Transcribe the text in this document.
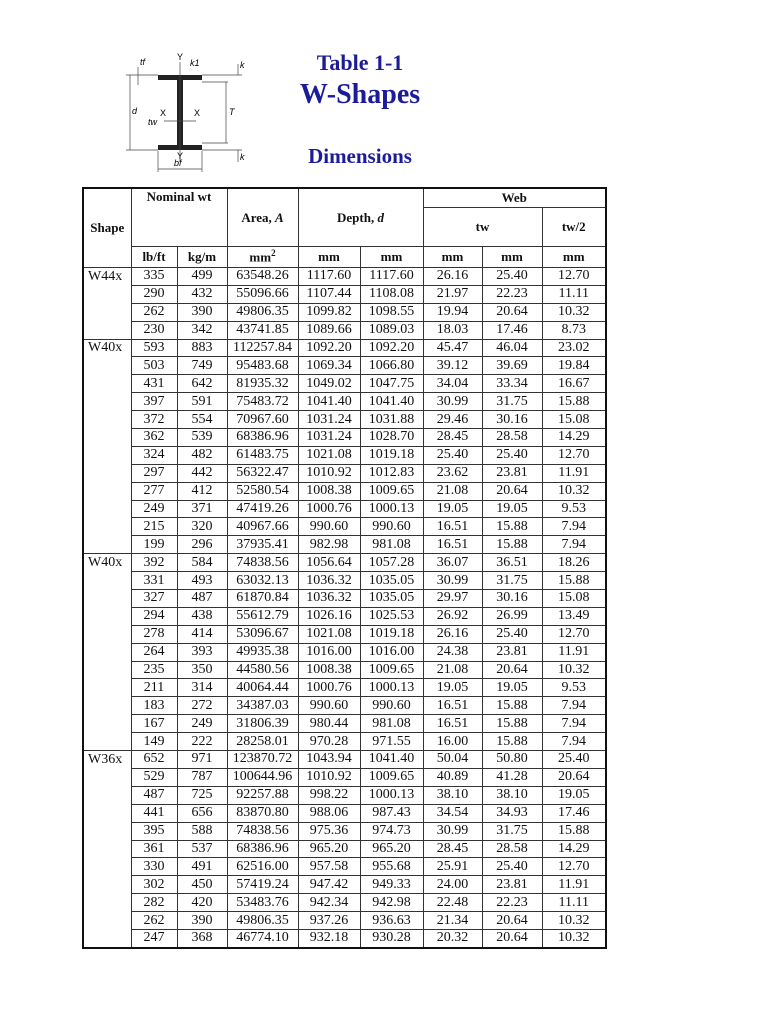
Table 1-1
W-Shapes
Dimensions
d	T
tf	k1	k
k
Y
Y
X	X
tw
bf
Shape	Nominal wt		Area, A	Depth, d		Web		
						tw		tw/2
	lb/ft	kg/m	$mm^2$	mm	mm	mm	mm	mm
W44x	335	499	63548.26	1117.60	1117.60	26.16	25.40	12.70
	290	432	55096.66	1107.44	1108.08	21.97	22.23	11.11
	262	390	49806.35	1099.82	1098.55	19.94	20.64	10.32
	230	342	43741.85	1089.66	1089.03	18.03	17.46	8.73
W40x	593	883	112257.84	1092.20	1092.20	45.47	46.04	23.02
	503	749	95483.68	1069.34	1066.80	39.12	39.69	19.84
	431	642	81935.32	1049.02	1047.75	34.04	33.34	16.67
	397	591	75483.72	1041.40	1041.40	30.99	31.75	15.88
	372	554	70967.60	1031.24	1031.88	29.46	30.16	15.08
	362	539	68386.96	1031.24	1028.70	28.45	28.58	14.29
	324	482	61483.75	1021.08	1019.18	25.40	25.40	12.70
	297	442	56322.47	1010.92	1012.83	23.62	23.81	11.91
	277	412	52580.54	1008.38	1009.65	21.08	20.64	10.32
	249	371	47419.26	1000.76	1000.13	19.05	19.05	9.53
	215	320	40967.66	990.60	990.60	16.51	15.88	7.94
	199	296	37935.41	982.98	981.08	16.51	15.88	7.94
W40x	392	584	74838.56	1056.64	1057.28	36.07	36.51	18.26
	331	493	63032.13	1036.32	1035.05	30.99	31.75	15.88
	327	487	61870.84	1036.32	1035.05	29.97	30.16	15.08
	294	438	55612.79	1026.16	1025.53	26.92	26.99	13.49
	278	414	53096.67	1021.08	1019.18	26.16	25.40	12.70
	264	393	49935.38	1016.00	1016.00	24.38	23.81	11.91
	235	350	44580.56	1008.38	1009.65	21.08	20.64	10.32
	211	314	40064.44	1000.76	1000.13	19.05	19.05	9.53
	183	272	34387.03	990.60	990.60	16.51	15.88	7.94
	167	249	31806.39	980.44	981.08	16.51	15.88	7.94
	149	222	28258.01	970.28	971.55	16.00	15.88	7.94
W36x	652	971	123870.72	1043.94	1041.40	50.04	50.80	25.40
	529	787	100644.96	1010.92	1009.65	40.89	41.28	20.64
	487	725	92257.88	998.22	1000.13	38.10	38.10	19.05
	441	656	83870.80	988.06	987.43	34.54	34.93	17.46
	395	588	74838.56	975.36	974.73	30.99	31.75	15.88
	361	537	68386.96	965.20	965.20	28.45	28.58	14.29
	330	491	62516.00	957.58	955.68	25.91	25.40	12.70
	302	450	57419.24	947.42	949.33	24.00	23.81	11.91
	282	420	53483.76	942.34	942.98	22.48	22.23	11.11
	262	390	49806.35	937.26	936.63	21.34	20.64	10.32
	247	368	46774.10	932.18	930.28	20.32	20.64	10.32
